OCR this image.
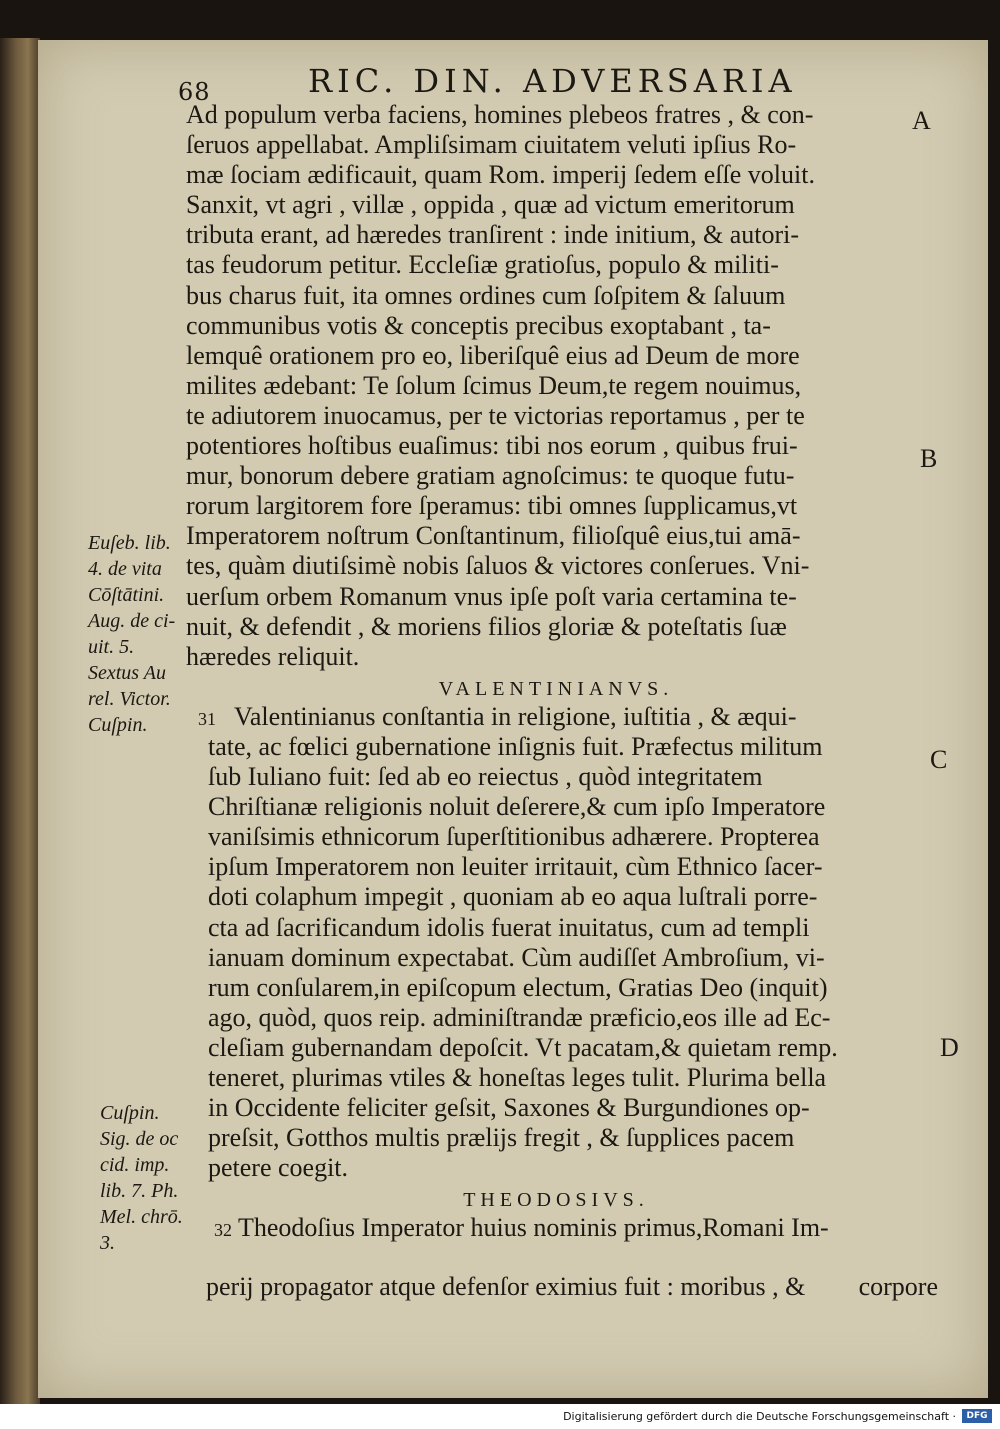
68	RIC. DIN. ADVERSARIA
Ad populum verba faciens, homines plebeos fratres , & con-
ſeruos appellabat. Ampliſsimam ciuitatem veluti ipſius Ro-
mæ ſociam ædificauit, quam Rom. imperij ſedem eſſe voluit.
Sanxit, vt agri , villæ , oppida , quæ ad victum emeritorum
tributa erant, ad hæredes tranſirent : inde initium, & autori-
tas feudorum petitur. Eccleſiæ gratioſus, populo & militi-
bus charus fuit, ita omnes ordines cum ſoſpitem & ſaluum
communibus votis & conceptis precibus exoptabant , ta-
lemquê orationem pro eo, liberiſquê eius ad Deum de more
milites ædebant: Te ſolum ſcimus Deum,te regem nouimus,
te adiutorem inuocamus, per te victorias reportamus , per te
potentiores hoſtibus euaſimus: tibi nos eorum , quibus frui-
mur, bonorum debere gratiam agnoſcimus: te quoque futu-
rorum largitorem fore ſperamus: tibi omnes ſupplicamus,vt
Imperatorem noſtrum Conſtantinum, filioſquê eius,tui amā-
tes, quàm diutiſsimè nobis ſaluos & victores conſerues. Vni-
uerſum orbem Romanum vnus ipſe poſt varia certamina te-
nuit, & defendit , & moriens filios gloriæ & poteſtatis ſuæ
hæredes reliquit.
VALENTINIANVS.
31 Valentinianus conſtantia in religione, iuſtitia , & æqui-
tate, ac fœlici gubernatione inſignis fuit. Præfectus militum
ſub Iuliano fuit: ſed ab eo reiectus , quòd integritatem
Chriſtianæ religionis noluit deſerere,& cum ipſo Imperatore
vaniſsimis ethnicorum ſuperſtitionibus adhærere. Propterea
ipſum Imperatorem non leuiter irritauit, cùm Ethnico ſacer-
doti colaphum impegit , quoniam ab eo aqua luſtrali porre-
cta ad ſacrificandum idolis fuerat inuitatus, cum ad templi
ianuam dominum expectabat. Cùm audiſſet Ambroſium, vi-
rum conſularem,in epiſcopum electum, Gratias Deo (inquit)
ago, quòd, quos reip. adminiſtrandæ præficio,eos ille ad Ec-
cleſiam gubernandam depoſcit. Vt pacatam,& quietam remp.
teneret, plurimas vtiles & honeſtas leges tulit. Plurima bella
in Occidente feliciter geſsit, Saxones & Burgundiones op-
preſsit, Gotthos multis prælijs fregit , & ſupplices pacem
petere coegit.
THEODOSIVS.
32 Theodoſius Imperator huius nominis primus,Romani Im-
perij propagator atque defenſor eximius fuit : moribus , &	corpore
Euſeb. lib.
4. de vita
Cōſtātini.
Aug. de ci-
uit. 5.
Sextus Au
rel. Victor.
Cuſpin.
Cuſpin.
Sig. de oc
cid. imp.
lib. 7. Ph.
Mel. chrō.
3.
A
B
C
D
Digitalisierung gefördert durch die Deutsche Forschungsgemeinschaft ·	DFG
